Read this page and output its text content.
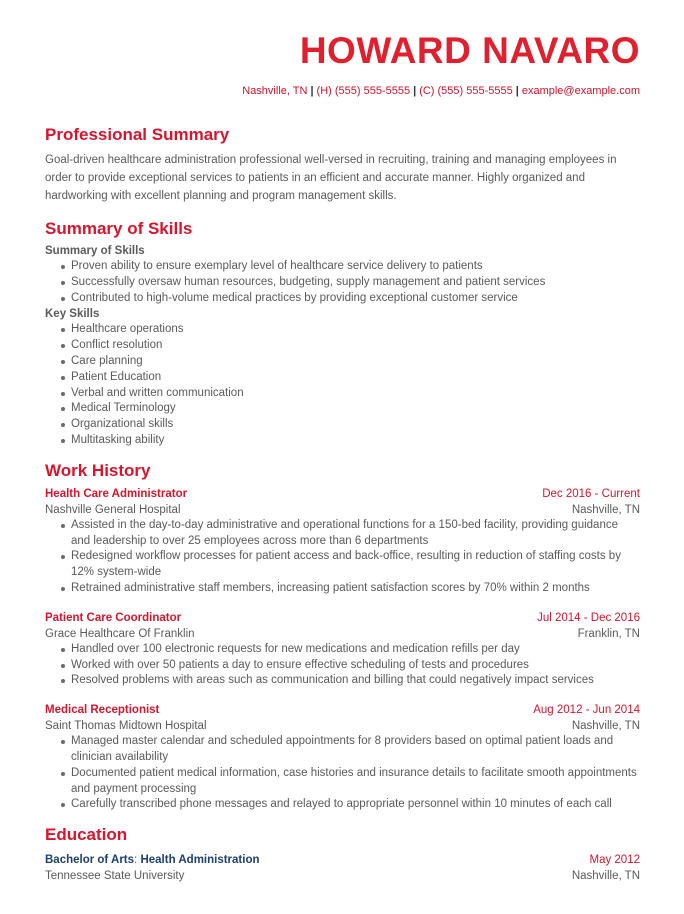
HOWARD NAVARO
Nashville, TN | (H) (555) 555-5555 | (C) (555) 555-5555 | example@example.com
Professional Summary
Goal-driven healthcare administration professional well-versed in recruiting, training and managing employees in order to provide exceptional services to patients in an efficient and accurate manner. Highly organized and hardworking with excellent planning and program management skills.
Summary of Skills
Summary of Skills
Proven ability to ensure exemplary level of healthcare service delivery to patients
Successfully oversaw human resources, budgeting, supply management and patient services
Contributed to high-volume medical practices by providing exceptional customer service
Key Skills
Healthcare operations
Conflict resolution
Care planning
Patient Education
Verbal and written communication
Medical Terminology
Organizational skills
Multitasking ability
Work History
Health Care Administrator	Dec 2016 - Current
Nashville General Hospital	Nashville, TN
Assisted in the day-to-day administrative and operational functions for a 150-bed facility, providing guidance and leadership to over 25 employees across more than 6 departments
Redesigned workflow processes for patient access and back-office, resulting in reduction of staffing costs by 12% system-wide
Retrained administrative staff members, increasing patient satisfaction scores by 70% within 2 months
Patient Care Coordinator	Jul 2014 - Dec 2016
Grace Healthcare Of Franklin	Franklin, TN
Handled over 100 electronic requests for new medications and medication refills per day
Worked with over 50 patients a day to ensure effective scheduling of tests and procedures
Resolved problems with areas such as communication and billing that could negatively impact services
Medical Receptionist	Aug 2012 - Jun 2014
Saint Thomas Midtown Hospital	Nashville, TN
Managed master calendar and scheduled appointments for 8 providers based on optimal patient loads and clinician availability
Documented patient medical information, case histories and insurance details to facilitate smooth appointments and payment processing
Carefully transcribed phone messages and relayed to appropriate personnel within 10 minutes of each call
Education
Bachelor of Arts: Health Administration	May 2012
Tennessee State University	Nashville, TN
